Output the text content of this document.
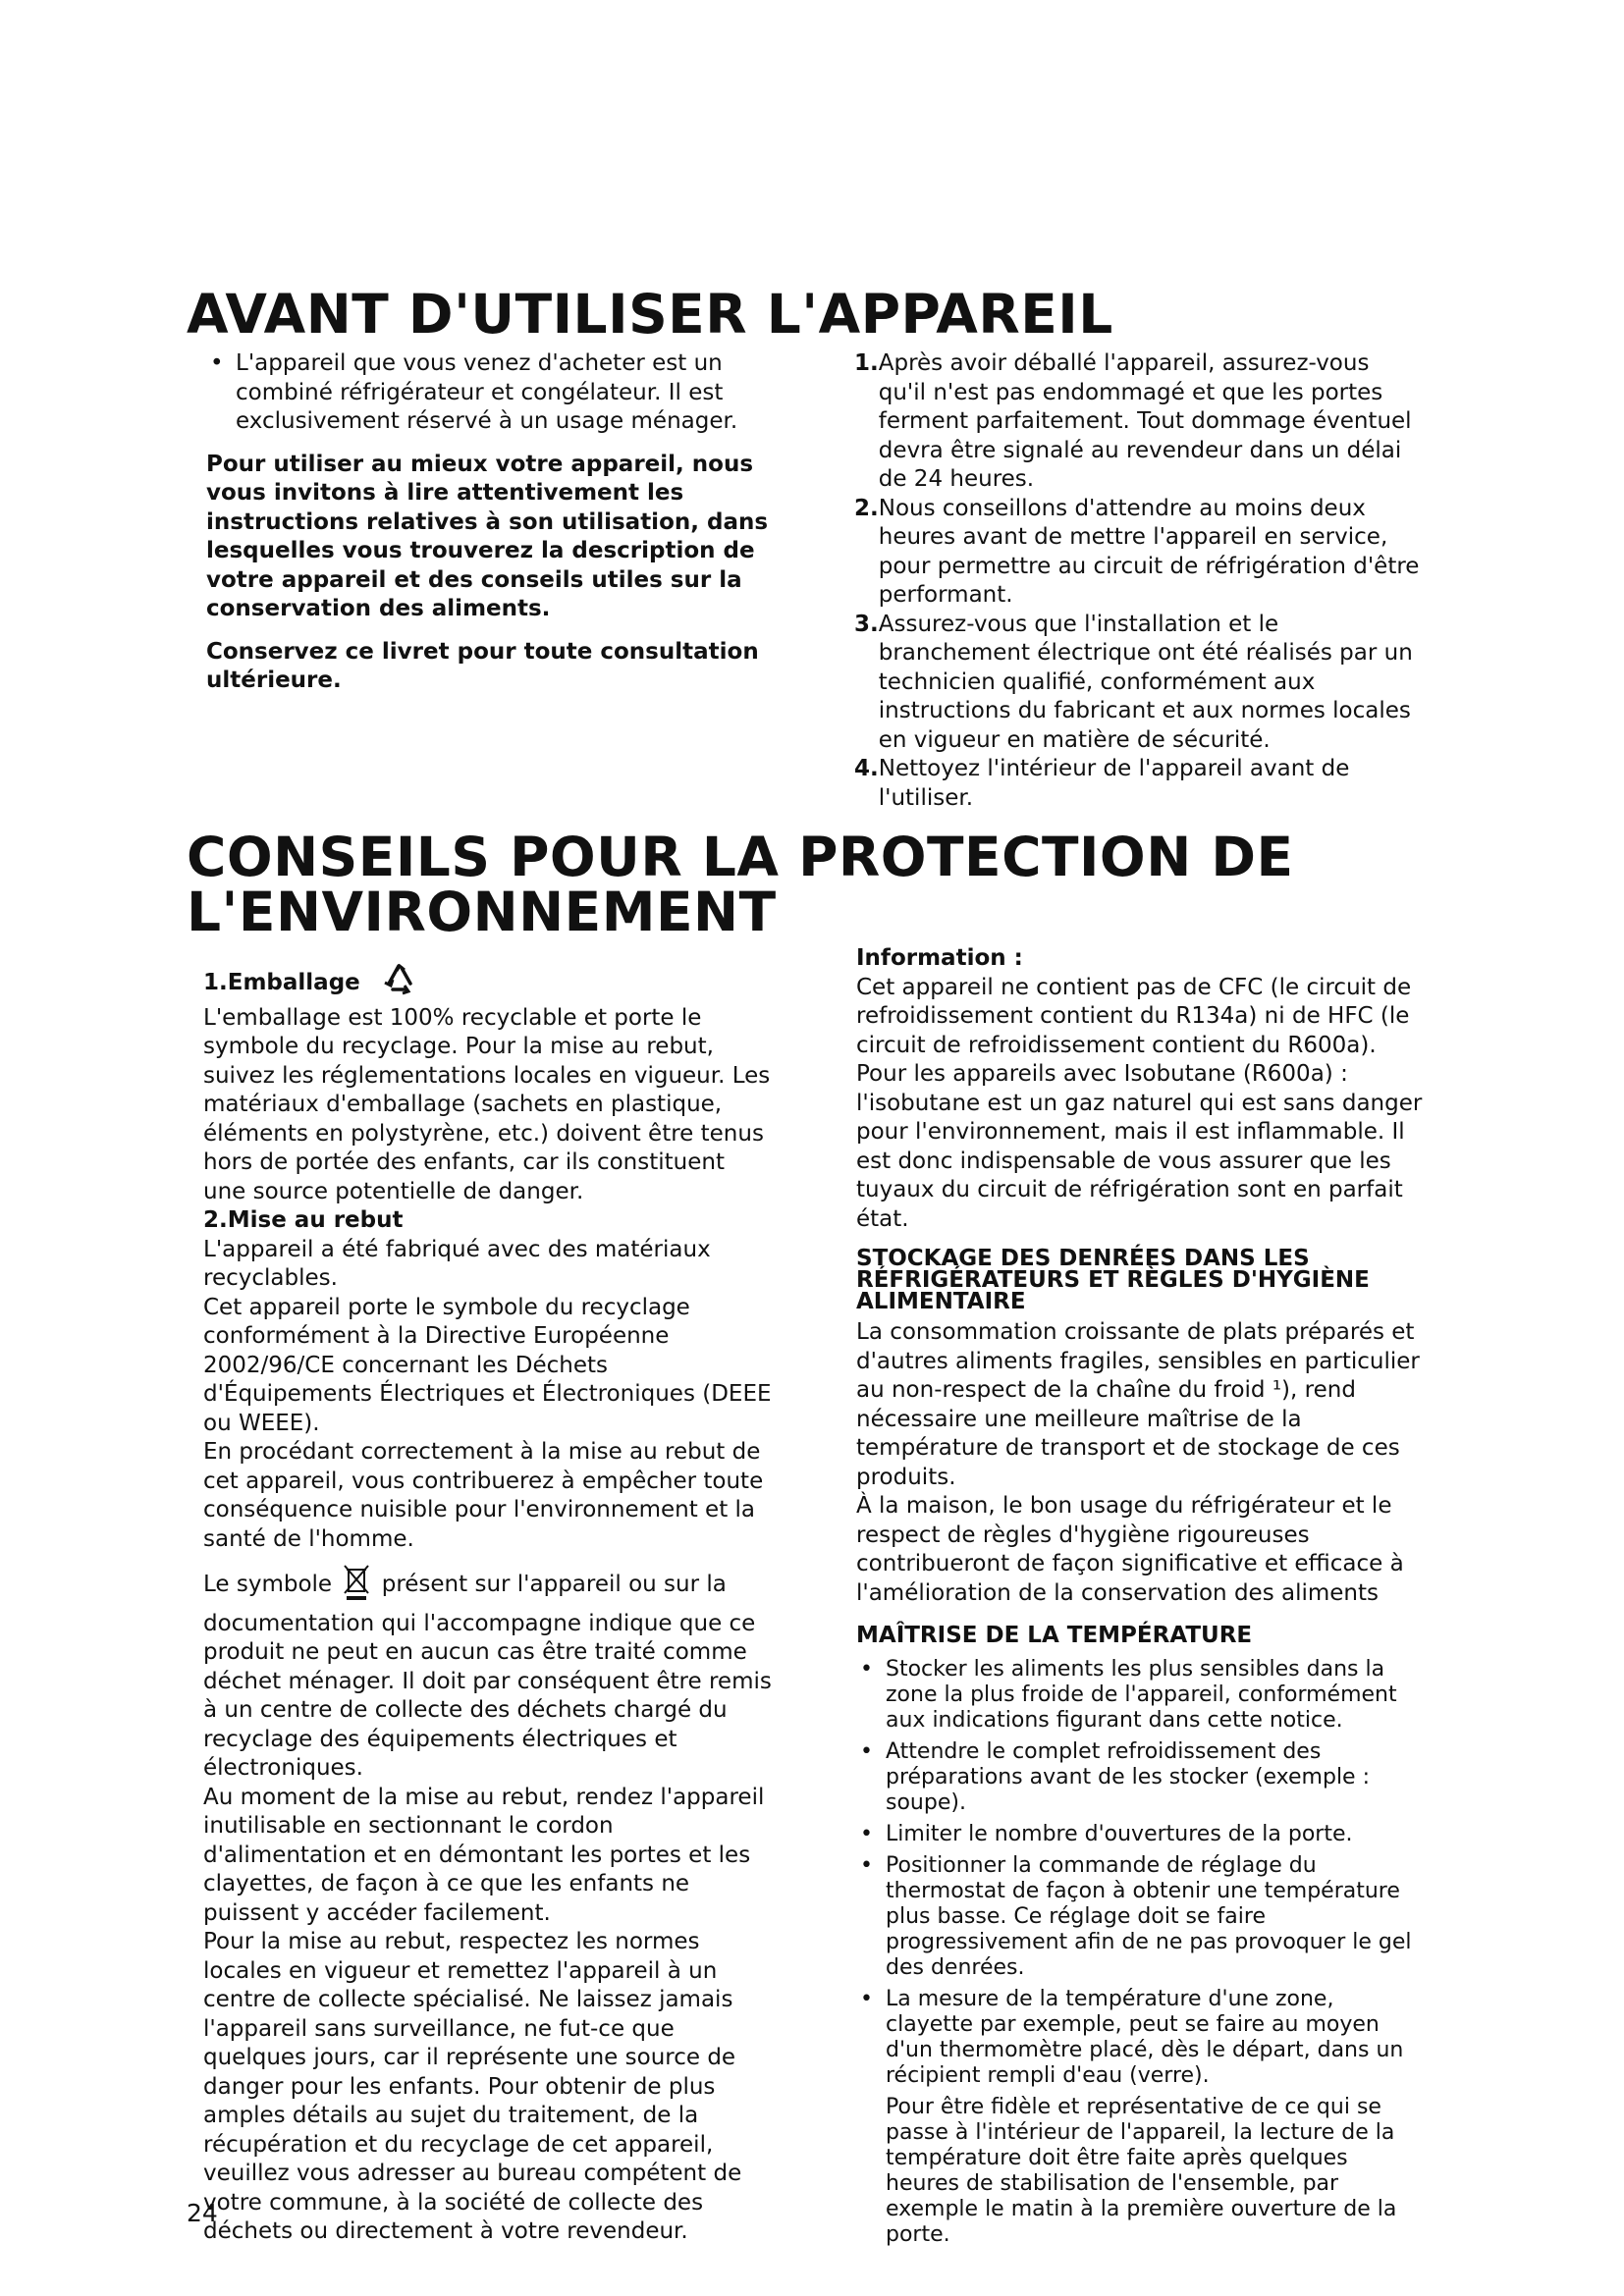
AVANT D'UTILISER L'APPAREIL
• L'appareil que vous venez d'acheter est un combiné réfrigérateur et congélateur. Il est exclusivement réservé à un usage ménager.

Pour utiliser au mieux votre appareil, nous vous invitons à lire attentivement les instructions relatives à son utilisation, dans lesquelles vous trouverez la description de votre appareil et des conseils utiles sur la conservation des aliments.

Conservez ce livret pour toute consultation ultérieure.

1. Après avoir déballé l'appareil, assurez-vous qu'il n'est pas endommagé et que les portes ferment parfaitement. Tout dommage éventuel devra être signalé au revendeur dans un délai de 24 heures.
2. Nous conseillons d'attendre au moins deux heures avant de mettre l'appareil en service, pour permettre au circuit de réfrigération d'être performant.
3. Assurez-vous que l'installation et le branchement électrique ont été réalisés par un technicien qualifié, conformément aux instructions du fabricant et aux normes locales en vigueur en matière de sécurité.
4. Nettoyez l'intérieur de l'appareil avant de l'utiliser.
CONSEILS POUR LA PROTECTION DE
L'ENVIRONNEMENT
1.Emballage

L'emballage est 100% recyclable et porte le symbole du recyclage. Pour la mise au rebut, suivez les réglementations locales en vigueur. Les matériaux d'emballage (sachets en plastique, éléments en polystyrène, etc.) doivent être tenus hors de portée des enfants, car ils constituent une source potentielle de danger.

2.Mise au rebut

L'appareil a été fabriqué avec des matériaux recyclables.

Cet appareil porte le symbole du recyclage conformément à la Directive Européenne 2002/96/CE concernant les Déchets d'Équipements Électriques et Électroniques (DEEE ou WEEE).

En procédant correctement à la mise au rebut de cet appareil, vous contribuerez à empêcher toute conséquence nuisible pour l'environnement et la santé de l'homme.

Le symbole présent sur l'appareil ou sur la documentation qui l'accompagne indique que ce produit ne peut en aucun cas être traité comme déchet ménager. Il doit par conséquent être remis à un centre de collecte des déchets chargé du recyclage des équipements électriques et électroniques.

Au moment de la mise au rebut, rendez l'appareil inutilisable en sectionnant le cordon d'alimentation et en démontant les portes et les clayettes, de façon à ce que les enfants ne puissent y accéder facilement.

Pour la mise au rebut, respectez les normes locales en vigueur et remettez l'appareil à un centre de collecte spécialisé. Ne laissez jamais l'appareil sans surveillance, ne fut-ce que quelques jours, car il représente une source de danger pour les enfants. Pour obtenir de plus amples détails au sujet du traitement, de la récupération et du recyclage de cet appareil, veuillez vous adresser au bureau compétent de votre commune, à la société de collecte des déchets ou directement à votre revendeur.

Information :

Cet appareil ne contient pas de CFC (le circuit de refroidissement contient du R134a) ni de HFC (le circuit de refroidissement contient du R600a).

Pour les appareils avec Isobutane (R600a) : l'isobutane est un gaz naturel qui est sans danger pour l'environnement, mais il est inflammable. Il est donc indispensable de vous assurer que les tuyaux du circuit de réfrigération sont en parfait état.

STOCKAGE DES DENRÉES DANS LES RÉFRIGÉRATEURS ET RÈGLES D'HYGIÈNE ALIMENTAIRE

La consommation croissante de plats préparés et d'autres aliments fragiles, sensibles en particulier au non-respect de la chaîne du froid ¹), rend nécessaire une meilleure maîtrise de la température de transport et de stockage de ces produits.

À la maison, le bon usage du réfrigérateur et le respect de règles d'hygiène rigoureuses contribueront de façon significative et efficace à l'amélioration de la conservation des aliments

MAÎTRISE DE LA TEMPÉRATURE

• Stocker les aliments les plus sensibles dans la zone la plus froide de l'appareil, conformément aux indications figurant dans cette notice.
• Attendre le complet refroidissement des préparations avant de les stocker (exemple : soupe).
• Limiter le nombre d'ouvertures de la porte.
• Positionner la commande de réglage du thermostat de façon à obtenir une température plus basse. Ce réglage doit se faire progressivement afin de ne pas provoquer le gel des denrées.
• La mesure de la température d'une zone, clayette par exemple, peut se faire au moyen d'un thermomètre placé, dès le départ, dans un récipient rempli d'eau (verre).

Pour être fidèle et représentative de ce qui se passe à l'intérieur de l'appareil, la lecture de la température doit être faite après quelques heures de stabilisation de l'ensemble, par exemple le matin à la première ouverture de la porte.

24
